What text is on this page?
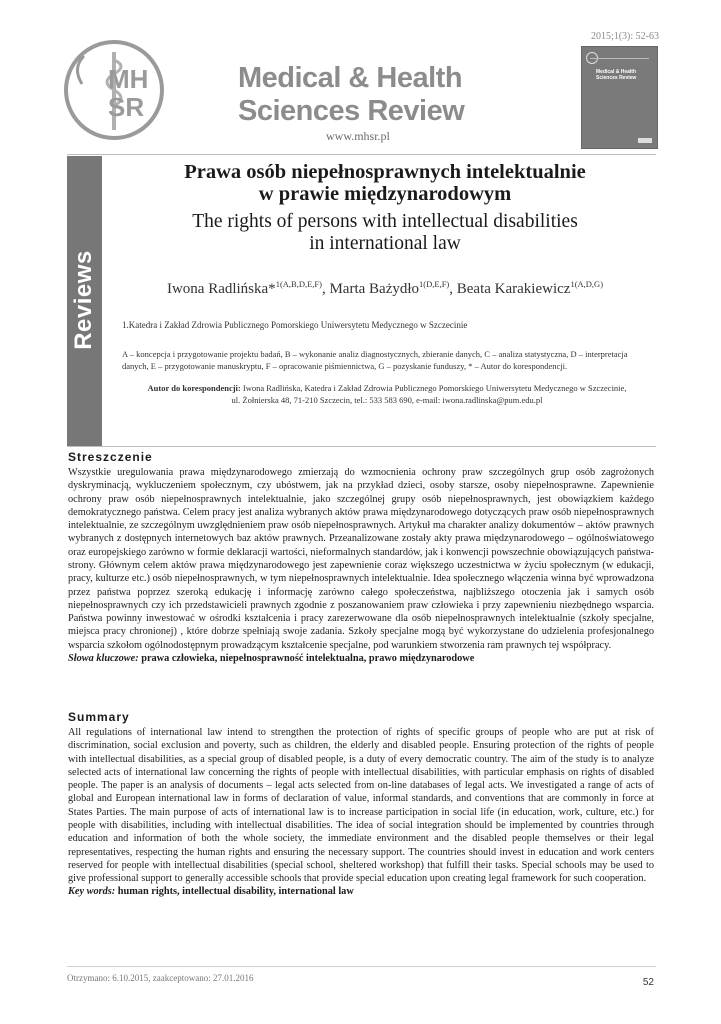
MH
SR
Medical & Health
Sciences Review
www.mhsr.pl
2015;1(3): 52-63
Medical & Health
Sciences Review
Reviews
Prawa osób niepełnosprawnych intelektualnie
w prawie międzynarodowym
The rights of persons with intellectual disabilities
in international law
Iwona Radlińska*$^{1(A,B,D,E,F)}$, Marta Bażydło$^{1(D,E,F)}$, Beata Karakiewicz$^{1(A,D,G)}$
1.Katedra i Zakład Zdrowia Publicznego Pomorskiego Uniwersytetu Medycznego w Szczecinie
A – koncepcja i przygotowanie projektu badań, B – wykonanie analiz diagnostycznych, zbieranie danych, C – analiza statystyczna, D – interpretacja
danych, E – przygotowanie manuskryptu, F – opracowanie piśmiennictwa, G – pozyskanie funduszy, * – Autor do korespondencji.
Autor do korespondencji: Iwona Radlińska, Katedra i Zakład Zdrowia Publicznego Pomorskiego Uniwersytetu Medycznego w Szczecinie,
ul. Żołnierska 48, 71-210 Szczecin, tel.: 533 583 690, e-mail: iwona.radlinska@pum.edu.pl
Streszczenie
Wszystkie uregulowania prawa międzynarodowego zmierzają do wzmocnienia ochrony praw szczególnych grup osób zagrożonych dyskryminacją, wykluczeniem społecznym, czy ubóstwem, jak na przykład dzieci, osoby starsze, osoby niepełnosprawne. Zapewnienie ochrony praw osób niepełnosprawnych intelektualnie, jako szczególnej grupy osób niepełnosprawnych, jest obowiązkiem każdego demokratycznego państwa. Celem pracy jest analiza wybranych aktów prawa międzynarodowego dotyczących praw osób niepełnosprawnych intelektualnie, ze szczególnym uwzględnieniem praw osób niepełnosprawnych. Artykuł ma charakter analizy dokumentów – aktów prawnych wybranych z dostępnych internetowych baz aktów prawnych. Przeanalizowane zostały akty prawa międzynarodowego – ogólnoświatowego oraz europejskiego zarówno w formie deklaracji wartości, nieformalnych standardów, jak i konwencji powszechnie obowiązujących państwa-strony. Głównym celem aktów prawa międzynarodowego jest zapewnienie coraz większego uczestnictwa w życiu społecznym (w edukacji, pracy, kulturze etc.) osób niepełnosprawnych, w tym niepełnosprawnych intelektualnie. Idea społecznego włączenia winna być wprowadzona przez państwa poprzez szeroką edukację i informację zarówno całego społeczeństwa, najbliższego otoczenia jak i samych osób niepełnosprawnych czy ich przedstawicieli prawnych zgodnie z poszanowaniem praw człowieka i przy zapewnieniu niezbędnego wsparcia. Państwa powinny inwestować w ośrodki kształcenia i pracy zarezerwowane dla osób niepełnosprawnych intelektualnie (szkoły specjalne, miejsca pracy chronionej) , które dobrze spełniają swoje zadania. Szkoły specjalne mogą być wykorzystane do udzielenia profesjonalnego wsparcia szkołom ogólnodostępnym prowadzącym kształcenie specjalne, pod warunkiem stworzenia ram prawnych tej współpracy.
Słowa kluczowe: prawa człowieka, niepełnosprawność intelektualna, prawo międzynarodowe
Summary
All regulations of international law intend to strengthen the protection of rights of specific groups of people who are put at risk of discrimination, social exclusion and poverty, such as children, the elderly and disabled people. Ensuring protection of the rights of people with intellectual disabilities, as a special group of disabled people, is a duty of every democratic country. The aim of the study is to analyze selected acts of international law concerning the rights of people with intellectual disabilities, with particular emphasis on rights of disabled people. The paper is an analysis of documents – legal acts selected from on-line databases of legal acts. We investigated a range of acts of global and European international law in forms of declaration of value, informal standards, and conventions that are commonly in force at States Parties. The main purpose of acts of international law is to increase participation in social life (in education, work, culture, etc.) for people with disabilities, including with intellectual disabilities. The idea of social integration should be implemented by countries through education and information of both the whole society, the immediate environment and the disabled people themselves or their legal representatives, respecting the human rights and ensuring the necessary support. The countries should invest in education and work centers reserved for people with intellectual disabilities (special school, sheltered workshop) that fulfill their tasks. Special schools may be used to give professional support to generally accessible schools that provide special education upon creating legal framework for such cooperation.
Key words: human rights, intellectual disability, international law
Otrzymano: 6.10.2015, zaakceptowano: 27.01.2016	52
